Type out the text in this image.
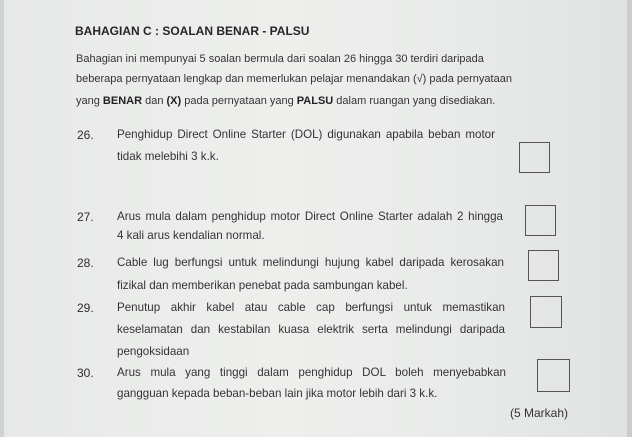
BAHAGIAN C : SOALAN BENAR - PALSU
Bahagian ini mempunyai 5 soalan bermula dari soalan 26 hingga 30 terdiri daripada
beberapa pernyataan lengkap dan memerlukan pelajar menandakan (√) pada pernyataan
yang BENAR dan (X) pada pernyataan yang PALSU dalam ruangan yang disediakan.
26. Penghidup Direct Online Starter (DOL) digunakan apabila beban motor
tidak melebihi 3 k.k.
27. Arus mula dalam penghidup motor Direct Online Starter adalah 2 hingga
4 kali arus kendalian normal.
28. Cable lug berfungsi untuk melindungi hujung kabel daripada kerosakan
fizikal dan memberikan penebat pada sambungan kabel.
29. Penutup akhir kabel atau cable cap berfungsi untuk memastikan
keselamatan dan kestabilan kuasa elektrik serta melindungi daripada
pengoksidaan
30. Arus mula yang tinggi dalam penghidup DOL boleh menyebabkan
gangguan kepada beban-beban lain jika motor lebih dari 3 k.k.
(5 Markah)
